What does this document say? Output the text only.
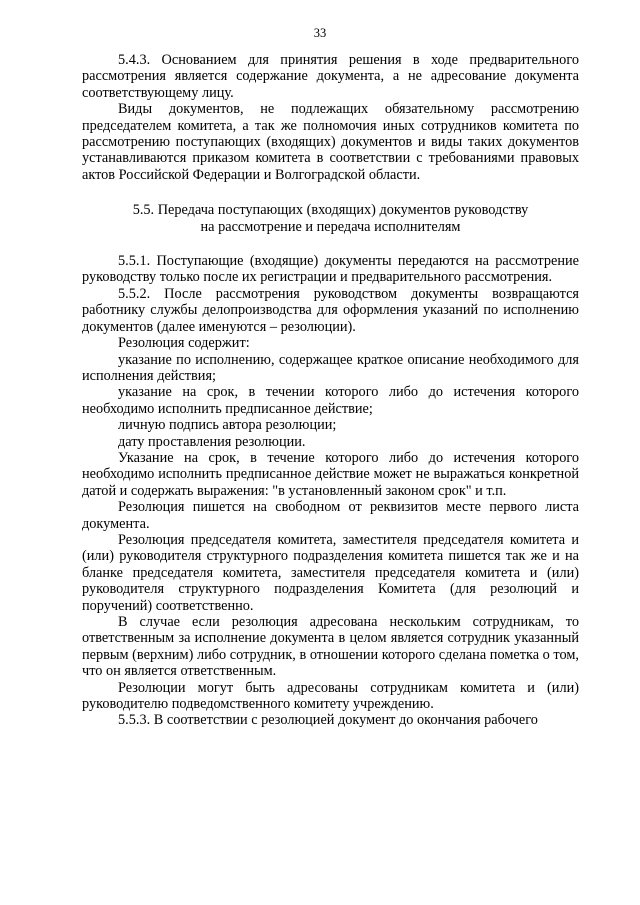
33

5.4.3. Основанием для принятия решения в ходе предварительного рассмотрения является содержание документа, а не адресование документа соответствующему лицу.

Виды документов, не подлежащих обязательному рассмотрению председателем комитета, а так же полномочия иных сотрудников комитета по рассмотрению поступающих (входящих) документов и виды таких документов устанавливаются приказом комитета в соответствии с требованиями правовых актов Российской Федерации и Волгоградской области.

5.5. Передача поступающих (входящих) документов руководству

на рассмотрение и передача исполнителям

5.5.1. Поступающие (входящие) документы передаются на рассмотрение руководству только после их регистрации и предварительного рассмотрения.

5.5.2. После рассмотрения руководством документы возвращаются работнику службы делопроизводства для оформления указаний по исполнению документов (далее именуются – резолюции).

Резолюция содержит:

указание по исполнению, содержащее краткое описание необходимого для исполнения действия;

указание на срок, в течении которого либо до истечения которого необходимо исполнить предписанное действие;

личную подпись автора резолюции;

дату проставления резолюции.

Указание на срок, в течение которого либо до истечения которого необходимо исполнить предписанное действие может не выражаться конкретной датой и содержать выражения: "в установленный законом срок" и т.п.

Резолюция пишется на свободном от реквизитов месте первого листа документа.

Резолюция председателя комитета, заместителя председателя комитета и (или) руководителя структурного подразделения комитета пишется так же и на бланке председателя комитета, заместителя председателя комитета и (или) руководителя структурного подразделения Комитета (для резолюций и поручений) соответственно.

В случае если резолюция адресована нескольким сотрудникам, то ответственным за исполнение документа в целом является сотрудник указанный первым (верхним) либо сотрудник, в отношении которого сделана пометка о том, что он является ответственным.

Резолюции могут быть адресованы сотрудникам комитета и (или) руководителю подведомственного комитету учреждению.

5.5.3. В соответствии с резолюцией документ до окончания рабочего
